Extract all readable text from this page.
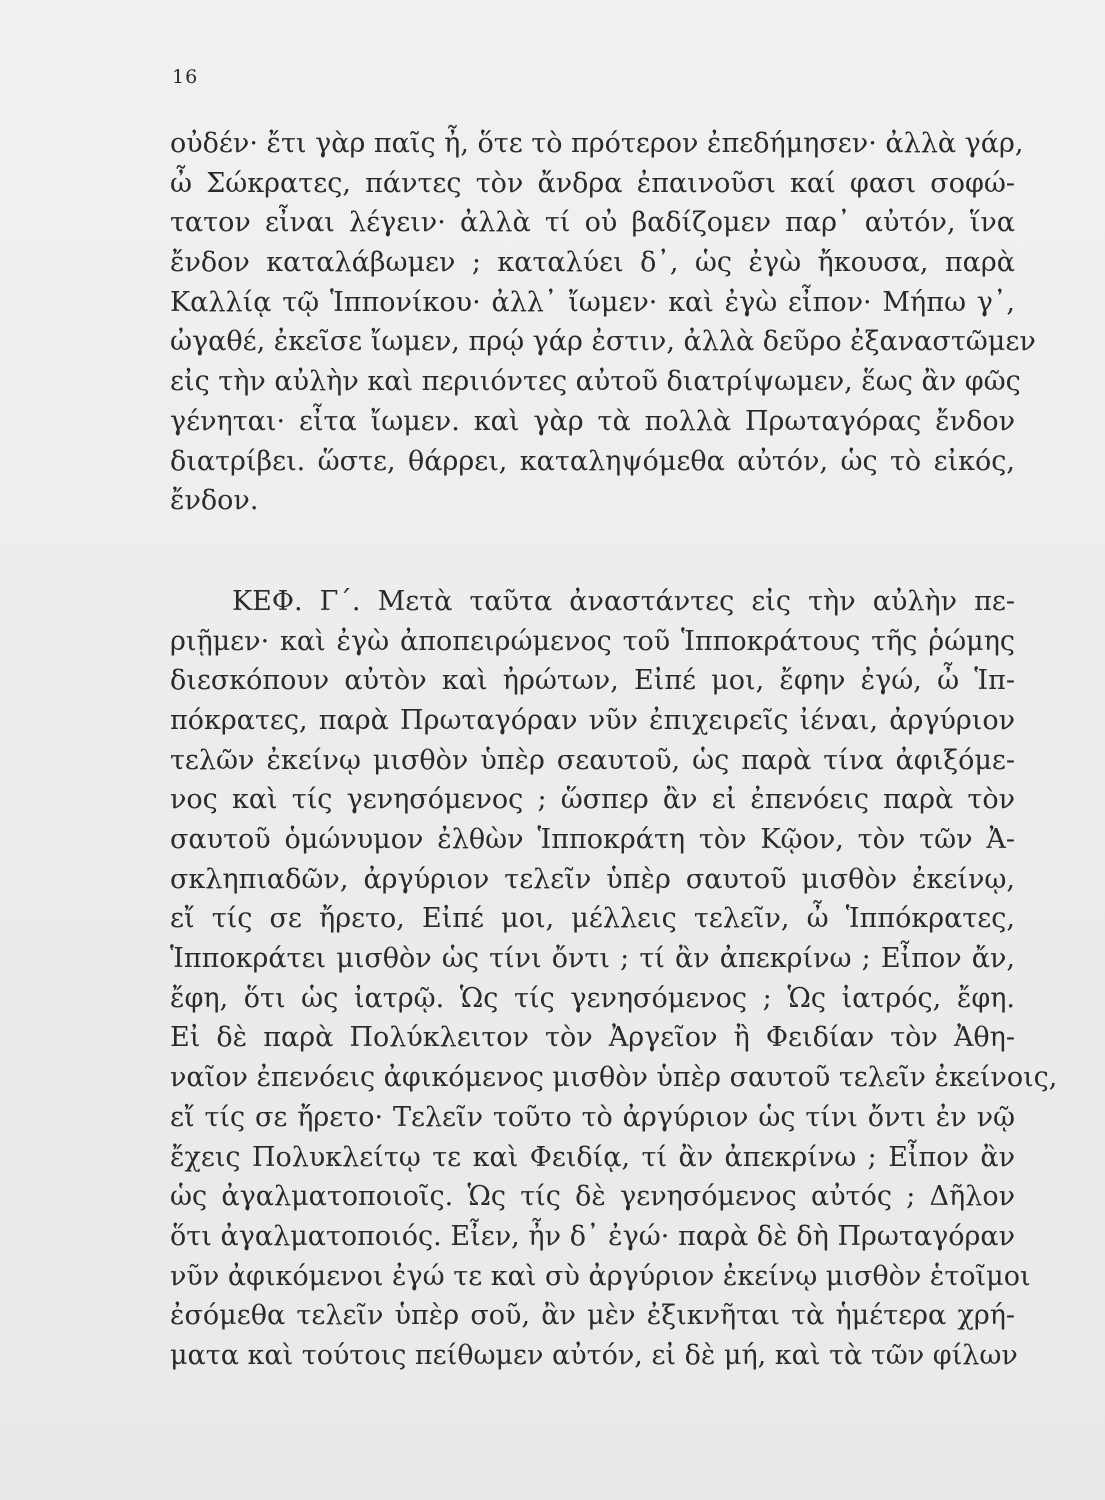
16
οὐδέν· ἔτι γὰρ παῖς ἦ, ὅτε τὸ πρότερον ἐπεδήμησεν· ἀλλὰ γάρ,
ὦ Σώκρατες, πάντες τὸν ἄνδρα ἐπαινοῦσι καί φασι σοφώ-
τατον εἶναι λέγειν· ἀλλὰ τί οὐ βαδίζομεν παρ᾽ αὐτόν, ἵνα
ἔνδον καταλάβωμεν ; καταλύει δ᾽, ὡς ἐγὼ ἤκουσα, παρὰ
Καλλίᾳ τῷ Ἱππονίκου· ἀλλ᾽ ἴωμεν· καὶ ἐγὼ εἶπον· Μήπω γ᾽,
ὠγαθέ, ἐκεῖσε ἴωμεν, πρῴ γάρ ἐστιν, ἀλλὰ δεῦρο ἐξαναστῶμεν
εἰς τὴν αὐλὴν καὶ περιιόντες αὐτοῦ διατρίψωμεν, ἕως ἂν φῶς
γένηται· εἶτα ἴωμεν. καὶ γὰρ τὰ πολλὰ Πρωταγόρας ἔνδον
διατρίβει. ὥστε, θάρρει, καταληψόμεθα αὐτόν, ὡς τὸ εἰκός,
ἔνδον.
ΚΕΦ. Γ΄. Μετὰ ταῦτα ἀναστάντες εἰς τὴν αὐλὴν πε-
ριῇμεν· καὶ ἐγὼ ἀποπειρώμενος τοῦ Ἱπποκράτους τῆς ῥώμης
διεσκόπουν αὐτὸν καὶ ἠρώτων, Εἰπέ μοι, ἔφην ἐγώ, ὦ Ἱπ-
πόκρατες, παρὰ Πρωταγόραν νῦν ἐπιχειρεῖς ἰέναι, ἀργύριον
τελῶν ἐκείνῳ μισθὸν ὑπὲρ σεαυτοῦ, ὡς παρὰ τίνα ἀφιξόμε-
νος καὶ τίς γενησόμενος ; ὥσπερ ἂν εἰ ἐπενόεις παρὰ τὸν
σαυτοῦ ὁμώνυμον ἐλθὼν Ἱπποκράτη τὸν Κῷον, τὸν τῶν Ἀ-
σκληπιαδῶν, ἀργύριον τελεῖν ὑπὲρ σαυτοῦ μισθὸν ἐκείνῳ,
εἴ τίς σε ἤρετο, Εἰπέ μοι, μέλλεις τελεῖν, ὦ Ἱππόκρατες,
Ἱπποκράτει μισθὸν ὡς τίνι ὄντι ; τί ἂν ἀπεκρίνω ; Εἶπον ἄν,
ἔφη, ὅτι ὡς ἰατρῷ. Ὡς τίς γενησόμενος ; Ὡς ἰατρός, ἔφη.
Εἰ δὲ παρὰ Πολύκλειτον τὸν Ἀργεῖον ἢ Φειδίαν τὸν Ἀθη-
ναῖον ἐπενόεις ἀφικόμενος μισθὸν ὑπὲρ σαυτοῦ τελεῖν ἐκείνοις,
εἴ τίς σε ἤρετο· Τελεῖν τοῦτο τὸ ἀργύριον ὡς τίνι ὄντι ἐν νῷ
ἔχεις Πολυκλείτῳ τε καὶ Φειδίᾳ, τί ἂν ἀπεκρίνω ; Εἶπον ἂν
ὡς ἀγαλματοποιοῖς. Ὡς τίς δὲ γενησόμενος αὐτός ; Δῆλον
ὅτι ἀγαλματοποιός. Εἶεν, ἦν δ᾽ ἐγώ· παρὰ δὲ δὴ Πρωταγόραν
νῦν ἀφικόμενοι ἐγώ τε καὶ σὺ ἀργύριον ἐκείνῳ μισθὸν ἑτοῖμοι
ἐσόμεθα τελεῖν ὑπὲρ σοῦ, ἂν μὲν ἐξικνῆται τὰ ἡμέτερα χρή-
ματα καὶ τούτοις πείθωμεν αὐτόν, εἰ δὲ μή, καὶ τὰ τῶν φίλων
